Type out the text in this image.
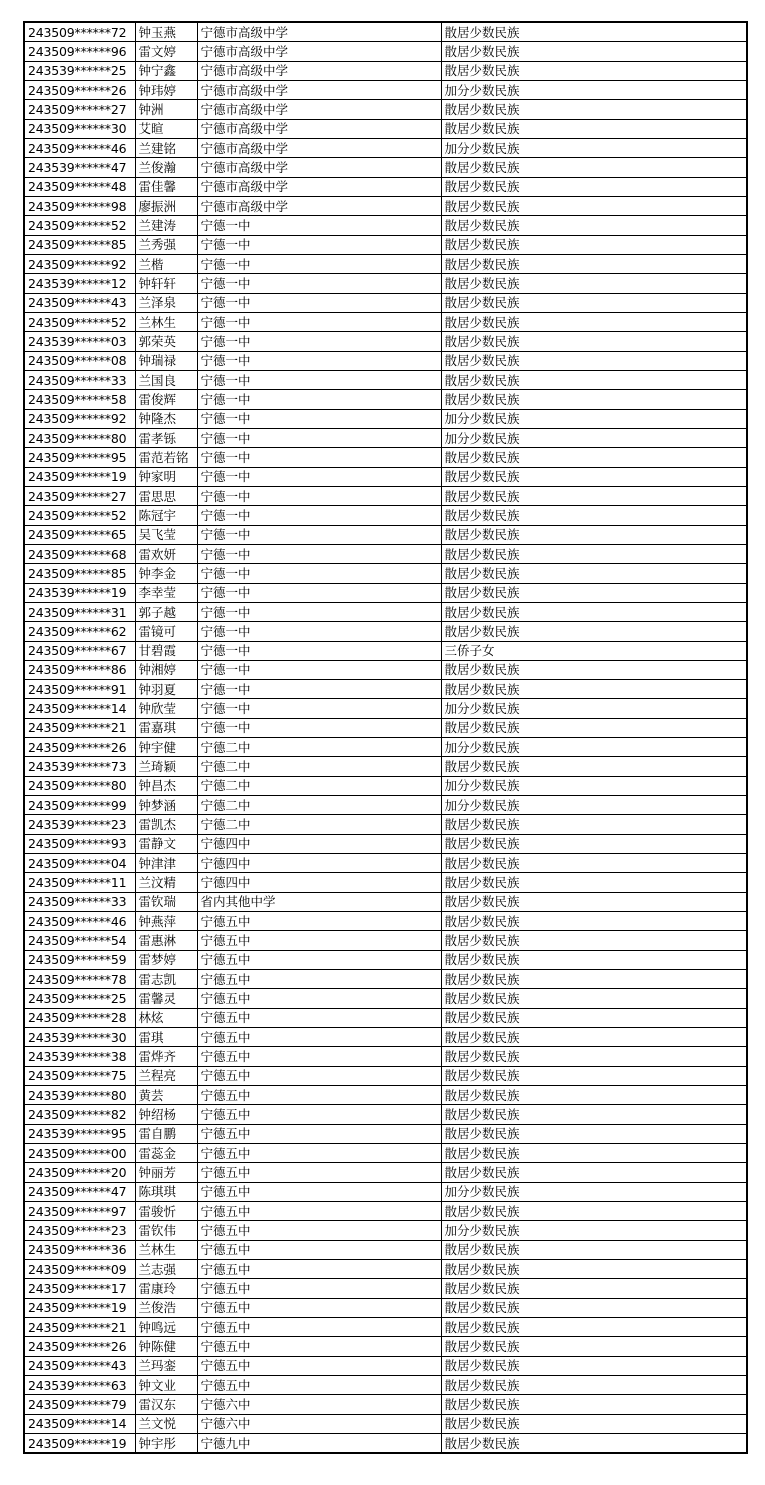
243509******72	钟玉燕	宁德市高级中学	散居少数民族
243509******96	雷文婷	宁德市高级中学	散居少数民族
243539******25	钟宁鑫	宁德市高级中学	散居少数民族
243509******26	钟玮婷	宁德市高级中学	加分少数民族
243509******27	钟洲	宁德市高级中学	散居少数民族
243509******30	艾暄	宁德市高级中学	散居少数民族
243509******46	兰建铭	宁德市高级中学	加分少数民族
243539******47	兰俊瀚	宁德市高级中学	散居少数民族
243509******48	雷佳馨	宁德市高级中学	散居少数民族
243509******98	廖振洲	宁德市高级中学	散居少数民族
243509******52	兰建涛	宁德一中	散居少数民族
243509******85	兰秀强	宁德一中	散居少数民族
243509******92	兰楷	宁德一中	散居少数民族
243539******12	钟轩轩	宁德一中	散居少数民族
243509******43	兰泽泉	宁德一中	散居少数民族
243509******52	兰林生	宁德一中	散居少数民族
243539******03	郭荣英	宁德一中	散居少数民族
243509******08	钟瑞禄	宁德一中	散居少数民族
243509******33	兰国良	宁德一中	散居少数民族
243509******58	雷俊辉	宁德一中	散居少数民族
243509******92	钟隆杰	宁德一中	加分少数民族
243509******80	雷孝铄	宁德一中	加分少数民族
243509******95	雷范若铭	宁德一中	散居少数民族
243509******19	钟家明	宁德一中	散居少数民族
243509******27	雷思思	宁德一中	散居少数民族
243509******52	陈冠宇	宁德一中	散居少数民族
243509******65	吴飞莹	宁德一中	散居少数民族
243509******68	雷欢妍	宁德一中	散居少数民族
243509******85	钟李金	宁德一中	散居少数民族
243539******19	李幸莹	宁德一中	散居少数民族
243509******31	郭子越	宁德一中	散居少数民族
243509******62	雷镜可	宁德一中	散居少数民族
243509******67	甘碧霞	宁德一中	三侨子女
243509******86	钟湘婷	宁德一中	散居少数民族
243509******91	钟羽夏	宁德一中	散居少数民族
243509******14	钟欣莹	宁德一中	加分少数民族
243509******21	雷嘉琪	宁德一中	散居少数民族
243509******26	钟宇健	宁德二中	加分少数民族
243539******73	兰琦颖	宁德二中	散居少数民族
243509******80	钟昌杰	宁德二中	加分少数民族
243509******99	钟梦涵	宁德二中	加分少数民族
243539******23	雷凯杰	宁德二中	散居少数民族
243509******93	雷静文	宁德四中	散居少数民族
243509******04	钟津津	宁德四中	散居少数民族
243509******11	兰汶精	宁德四中	散居少数民族
243509******33	雷钦瑞	省内其他中学	散居少数民族
243509******46	钟燕萍	宁德五中	散居少数民族
243509******54	雷惠淋	宁德五中	散居少数民族
243509******59	雷梦婷	宁德五中	散居少数民族
243509******78	雷志凯	宁德五中	散居少数民族
243509******25	雷馨灵	宁德五中	散居少数民族
243509******28	林炫	宁德五中	散居少数民族
243539******30	雷琪	宁德五中	散居少数民族
243539******38	雷烨齐	宁德五中	散居少数民族
243509******75	兰程亮	宁德五中	散居少数民族
243539******80	黄芸	宁德五中	散居少数民族
243509******82	钟绍杨	宁德五中	散居少数民族
243539******95	雷自鹏	宁德五中	散居少数民族
243509******00	雷蕊金	宁德五中	散居少数民族
243509******20	钟丽芳	宁德五中	散居少数民族
243509******47	陈琪琪	宁德五中	加分少数民族
243509******97	雷骏忻	宁德五中	散居少数民族
243509******23	雷钦伟	宁德五中	加分少数民族
243509******36	兰林生	宁德五中	散居少数民族
243509******09	兰志强	宁德五中	散居少数民族
243509******17	雷康玲	宁德五中	散居少数民族
243509******19	兰俊浩	宁德五中	散居少数民族
243509******21	钟鸣远	宁德五中	散居少数民族
243509******26	钟陈健	宁德五中	散居少数民族
243509******43	兰玛銮	宁德五中	散居少数民族
243539******63	钟文业	宁德五中	散居少数民族
243509******79	雷汉东	宁德六中	散居少数民族
243509******14	兰文悦	宁德六中	散居少数民族
243509******19	钟宇彤	宁德九中	散居少数民族
